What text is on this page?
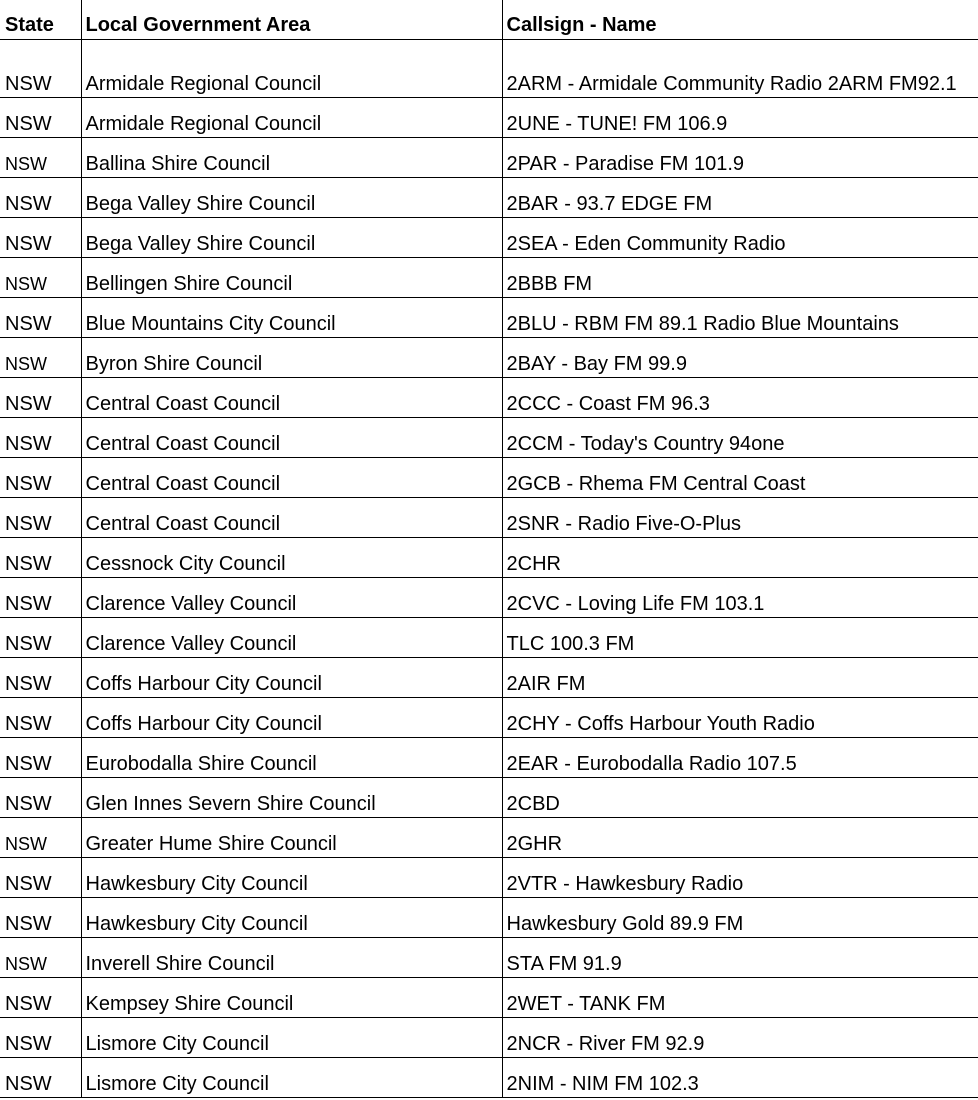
State	Local Government Area	Callsign - Name
NSW	Armidale Regional Council	2ARM - Armidale Community Radio 2ARM FM92.1
NSW	Armidale Regional Council	2UNE - TUNE! FM 106.9
NSW	Ballina Shire Council	2PAR - Paradise FM 101.9
NSW	Bega Valley Shire Council	2BAR - 93.7 EDGE FM
NSW	Bega Valley Shire Council	2SEA - Eden Community Radio
NSW	Bellingen Shire Council	2BBB FM
NSW	Blue Mountains City Council	2BLU - RBM FM 89.1 Radio Blue Mountains
NSW	Byron Shire Council	2BAY - Bay FM 99.9
NSW	Central Coast Council	2CCC - Coast FM 96.3
NSW	Central Coast Council	2CCM - Today's Country 94one
NSW	Central Coast Council	2GCB - Rhema FM Central Coast
NSW	Central Coast Council	2SNR - Radio Five-O-Plus
NSW	Cessnock City Council	2CHR
NSW	Clarence Valley Council	2CVC - Loving Life FM 103.1
NSW	Clarence Valley Council	TLC 100.3 FM
NSW	Coffs Harbour City Council	2AIR FM
NSW	Coffs Harbour City Council	2CHY - Coffs Harbour Youth Radio
NSW	Eurobodalla Shire Council	2EAR - Eurobodalla Radio 107.5
NSW	Glen Innes Severn Shire Council	2CBD
NSW	Greater Hume Shire Council	2GHR
NSW	Hawkesbury City Council	2VTR - Hawkesbury Radio
NSW	Hawkesbury City Council	Hawkesbury Gold 89.9 FM
NSW	Inverell Shire Council	STA FM 91.9
NSW	Kempsey Shire Council	2WET - TANK FM
NSW	Lismore City Council	2NCR - River FM 92.9
NSW	Lismore City Council	2NIM - NIM FM 102.3
